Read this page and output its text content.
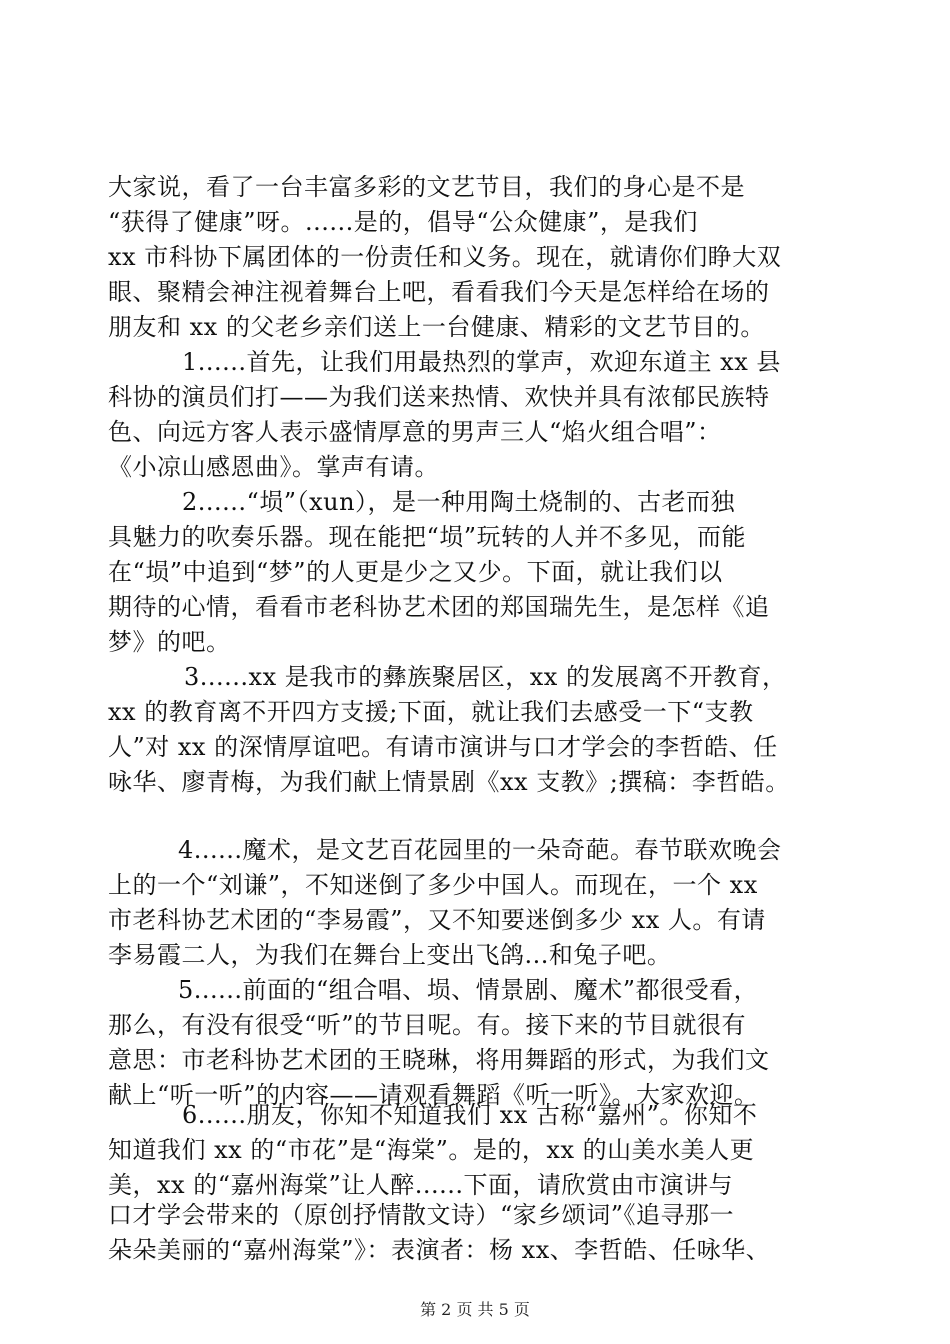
大家说，看了一台丰富多彩的文艺节目，我们的身心是不是
“获得了健康”呀。......是的，倡导“公众健康”，是我们
xx 市科协下属团体的一份责任和义务。现在，就请你们睁大双
眼、聚精会神注视着舞台上吧，看看我们今天是怎样给在场的
朋友和 xx 的父老乡亲们送上一台健康、精彩的文艺节目的。
1......首先，让我们用最热烈的掌声，欢迎东道主 xx 县
科协的演员们打——为我们送来热情、欢快并具有浓郁民族特
色、向远方客人表示盛情厚意的男声三人“焰火组合唱”：
《小凉山感恩曲》。掌声有请。
2......“埙”（xun），是一种用陶土烧制的、古老而独
具魅力的吹奏乐器。现在能把“埙”玩转的人并不多见，而能
在“埙”中追到“梦”的人更是少之又少。下面，就让我们以
期待的心情，看看市老科协艺术团的郑国瑞先生，是怎样《追
梦》的吧。
3......xx 是我市的彝族聚居区，xx 的发展离不开教育，
xx 的教育离不开四方支援;下面，就让我们去感受一下“支教
人”对 xx 的深情厚谊吧。有请市演讲与口才学会的李哲皓、任
咏华、廖青梅，为我们献上情景剧《xx 支教》;撰稿：李哲皓。
4......魔术，是文艺百花园里的一朵奇葩。春节联欢晚会
上的一个“刘谦”，不知迷倒了多少中国人。而现在，一个 xx
市老科协艺术团的“李易霞”，又不知要迷倒多少 xx 人。有请
李易霞二人，为我们在舞台上变出飞鸽...和兔子吧。
5......前面的“组合唱、埙、情景剧、魔术”都很受看，
那么，有没有很受“听”的节目呢。有。接下来的节目就很有
意思：市老科协艺术团的王晓琳，将用舞蹈的形式，为我们文
献上“听一听”的内容——请观看舞蹈《听一听》。大家欢迎。
6......朋友，你知不知道我们 xx 古称“嘉州”。你知不
知道我们 xx 的“市花”是“海棠”。是的，xx 的山美水美人更
美，xx 的“嘉州海棠”让人醉......下面，请欣赏由市演讲与
口才学会带来的（原创抒情散文诗）“家乡颂词”《追寻那一
朵朵美丽的“嘉州海棠”》：表演者：杨 xx、李哲皓、任咏华、
第 2 页 共 5 页
